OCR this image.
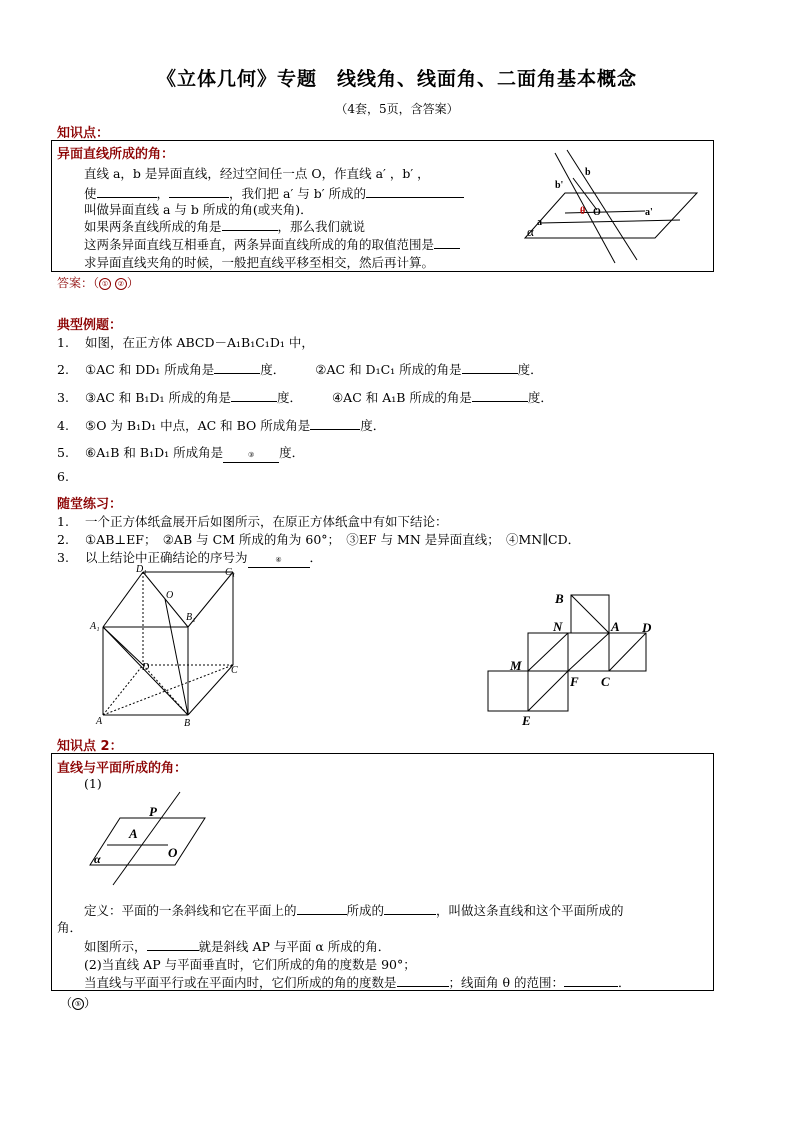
《立体几何》专题　线线角、线面角、二面角基本概念
（4套，5页，含答案）
知识点：
异面直线所成的角：
直线 a，b 是异面直线，经过空间任一点 O，作直线 a′ ，b′ ，
使	，	，我们把 a′ 与 b′ 所成的
叫做异面直线 a 与 b 所成的角(或夹角)．
如果两条直线所成的角是	，那么我们就说
这两条异面直线互相垂直，两条异面直线所成的角的取值范围是
求异面直线夹角的时候，一般把直线平移至相交，然后再计算。
b
b'
a
a'
θ O
α
答案：（ ① ② ）
典型例题：
1. 如图，在正方体 ABCD－A₁B₁C₁D₁ 中，
2. ①AC 和 DD₁ 所成角是	度． ②AC 和 D₁C₁ 所成的角是	度．
3. ③AC 和 B₁D₁ 所成的角是	度． ④AC 和 A₁B 所成的角是	度．
4. ⑤O 为 B₁D₁ 中点，AC 和 BO 所成角是	度．
5. ⑥A₁B 和 B₁D₁ 所成角是	③ 度．
6.
随堂练习：
1. 一个正方体纸盒展开后如图所示，在原正方体纸盒中有如下结论：
2. ①AB⊥EF；　②AB 与 CM 所成的角为 60°；　③EF 与 MN 是异面直线；　④MN∥CD．
3. 以上结论中正确结论的序号为	④ ．
D₁	C₁
A₁
B₁
O
D	C
A	B
B
N	A D
M
F C
E
知识点 2：
直线与平面所成的角：
(1)
P
A
O
α
定义：平面的一条斜线和它在平面上的	所成的	，叫做这条直线和这个平面所成的
角．
如图所示，	就是斜线 AP 与平面 α 所成的角．
(2)当直线 AP 与平面垂直时，它们所成的角的度数是 90°；
当直线与平面平行或在平面内时，它们所成的角的度数是	；线面角 θ 的范围：	．
（ ⑤ ）
